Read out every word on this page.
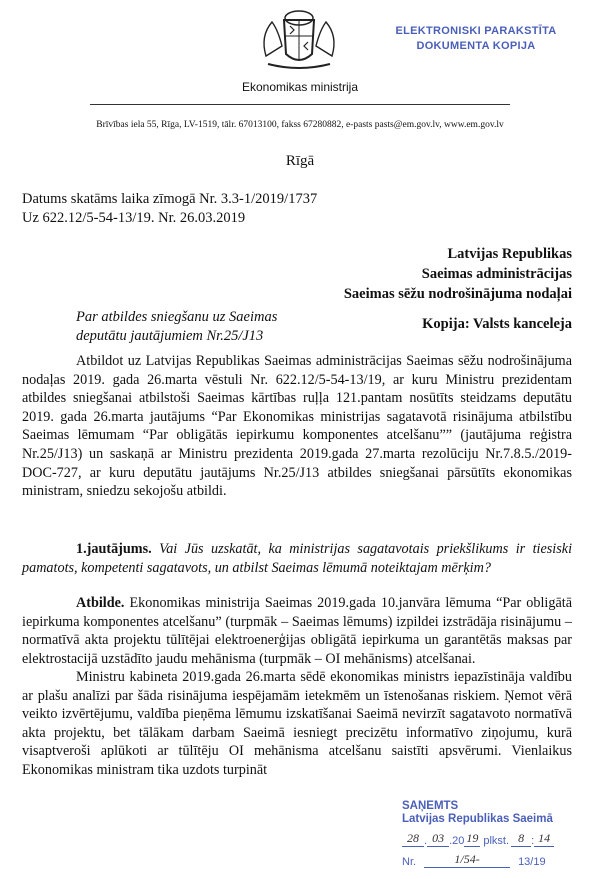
Ekonomikas ministrija
ELEKTRONISKI PARAKSTĪTA
DOKUMENTA KOPIJA
Brīvības iela 55, Rīga, LV-1519, tālr. 67013100, fakss 67280882, e-pasts pasts@em.gov.lv, www.em.gov.lv
Rīgā
Datums skatāms laika zīmogā Nr. 3.3-1/2019/1737
Uz 622.12/5-54-13/19. Nr. 26.03.2019
Latvijas Republikas
Saeimas administrācijas
Saeimas sēžu nodrošinājuma nodaļai
Par atbildes sniegšanu uz Saeimas
deputātu jautājumiem Nr.25/J13
Kopija: Valsts kanceleja

Atbildot uz Latvijas Republikas Saeimas administrācijas Saeimas sēžu nodrošinājuma nodaļas 2019. gada 26.marta vēstuli Nr. 622.12/5-54-13/19, ar kuru Ministru prezidentam atbildes sniegšanai atbilstoši Saeimas kārtības ruļļa 121.pantam nosūtīts steidzams deputātu 2019. gada 26.marta jautājums “Par Ekonomikas ministrijas sagatavotā risinājuma atbilstību Saeimas lēmumam “Par obligātās iepirkumu komponentes atcelšanu”” (jautājuma reģistra Nr.25/J13) un saskaņā ar Ministru prezidenta 2019.gada 27.marta rezolūciju Nr.7.8.5./2019-DOC-727, ar kuru deputātu jautājums Nr.25/J13 atbildes sniegšanai pārsūtīts ekonomikas ministram, sniedzu sekojošu atbildi.

1.jautājums. Vai Jūs uzskatāt, ka ministrijas sagatavotais priekšlikums ir tiesiski pamatots, kompetenti sagatavots, un atbilst Saeimas lēmumā noteiktajam mērķim?

Atbilde. Ekonomikas ministrija Saeimas 2019.gada 10.janvāra lēmuma “Par obligātā iepirkuma komponentes atcelšanu” (turpmāk – Saeimas lēmums) izpildei izstrādāja risinājumu – normatīvā akta projektu tūlītējai elektroenerģijas obligātā iepirkuma un garantētās maksas par elektrostacijā uzstādīto jaudu mehānisma (turpmāk – OI mehānisms) atcelšanai.

Ministru kabineta 2019.gada 26.marta sēdē ekonomikas ministrs iepazīstināja valdību ar plašu analīzi par šāda risinājuma iespējamām ietekmēm un īstenošanas riskiem. Ņemot vērā veikto izvērtējumu, valdība pieņēma lēmumu izskatīšanai Saeimā nevirzīt sagatavoto normatīvā akta projektu, bet tālākam darbam Saeimā iesniegt precizētu informatīvo ziņojumu, kurā visaptveroši aplūkoti ar tūlītēju OI mehānisma atcelšanu saistīti apsvērumi. Vienlaikus Ekonomikas ministram tika uzdots turpināt

SAŅEMTS
Latvijas Republikas Saeimā
28 . 03 . 20 19 plkst. 8 : 14
Nr.	1/54-	13/19
